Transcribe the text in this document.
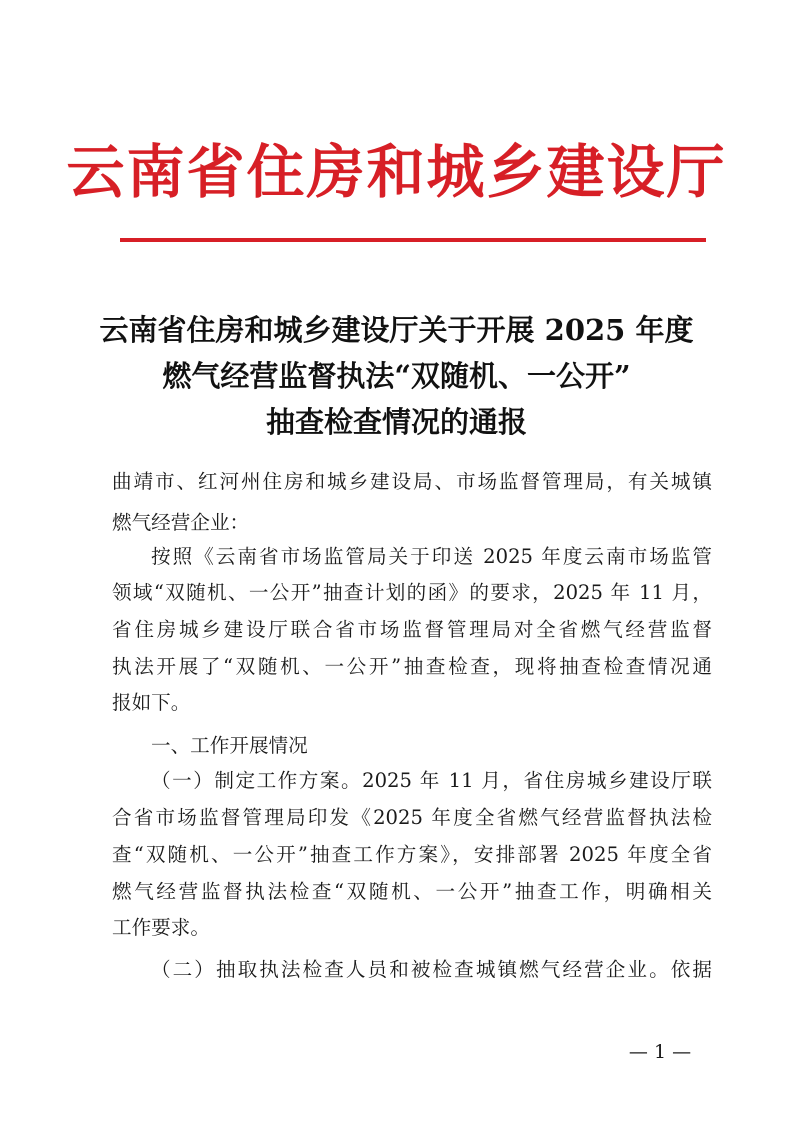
云南省住房和城乡建设厅
云南省住房和城乡建设厅关于开展 2025 年度
燃气经营监督执法“双随机、一公开”
抽查检查情况的通报
曲靖市、红河州住房和城乡建设局、市场监督管理局，有关城镇
燃气经营企业：
按照《云南省市场监管局关于印送 2025 年度云南市场监管
领域“双随机、一公开”抽查计划的函》的要求，2025 年 11 月，
省住房城乡建设厅联合省市场监督管理局对全省燃气经营监督
执法开展了“双随机、一公开”抽查检查，现将抽查检查情况通
报如下。
一、工作开展情况
（一）制定工作方案。2025 年 11 月，省住房城乡建设厅联
合省市场监督管理局印发《2025 年度全省燃气经营监督执法检
查“双随机、一公开”抽查工作方案》，安排部署 2025 年度全省
燃气经营监督执法检查“双随机、一公开”抽查工作，明确相关
工作要求。
（二）抽取执法检查人员和被检查城镇燃气经营企业。依据
— 1 —
